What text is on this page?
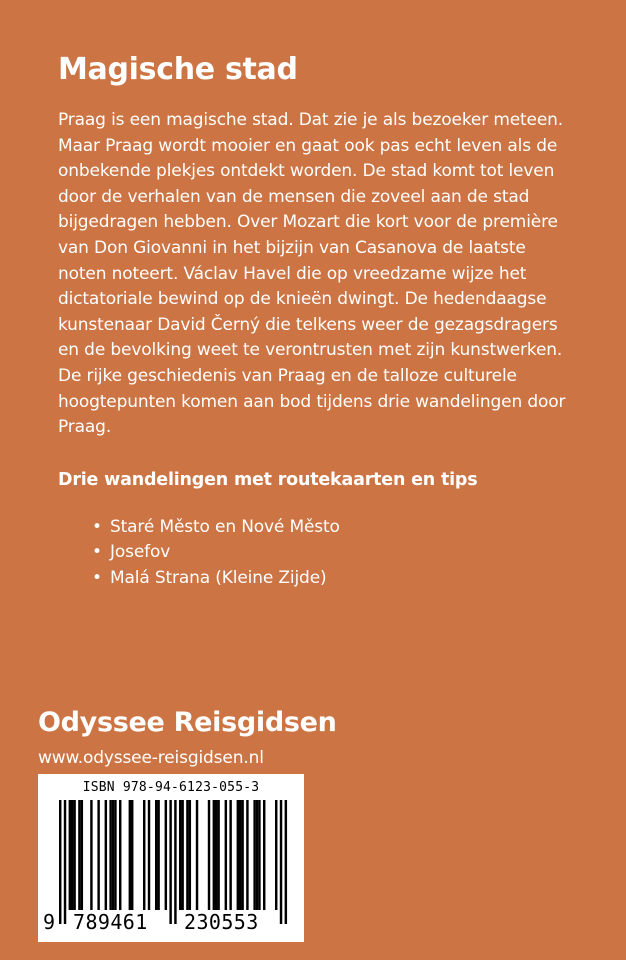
Magische stad

Praag is een magische stad. Dat zie je als bezoeker meteen. Maar Praag wordt mooier en gaat ook pas echt leven als de onbekende plekjes ontdekt worden. De stad komt tot leven door de verhalen van de mensen die zoveel aan de stad bijgedragen hebben. Over Mozart die kort voor de première van Don Giovanni in het bijzijn van Casanova de laatste noten noteert. Václav Havel die op vreedzame wijze het dictatoriale bewind op de knieën dwingt. De hedendaagse kunstenaar David Černý die telkens weer de gezagsdragers en de bevolking weet te verontrusten met zijn kunstwerken.

De rijke geschiedenis van Praag en de talloze culturele hoogtepunten komen aan bod tijdens drie wandelingen door Praag.

Drie wandelingen met routekaarten en tips
• Staré Město en Nové Město
• Josefov
• Malá Strana (Kleine Zijde)
Odyssee Reisgidsen
www.odyssee-reisgidsen.nl
ISBN 978-94-6123-055-3
9 789461 230553
